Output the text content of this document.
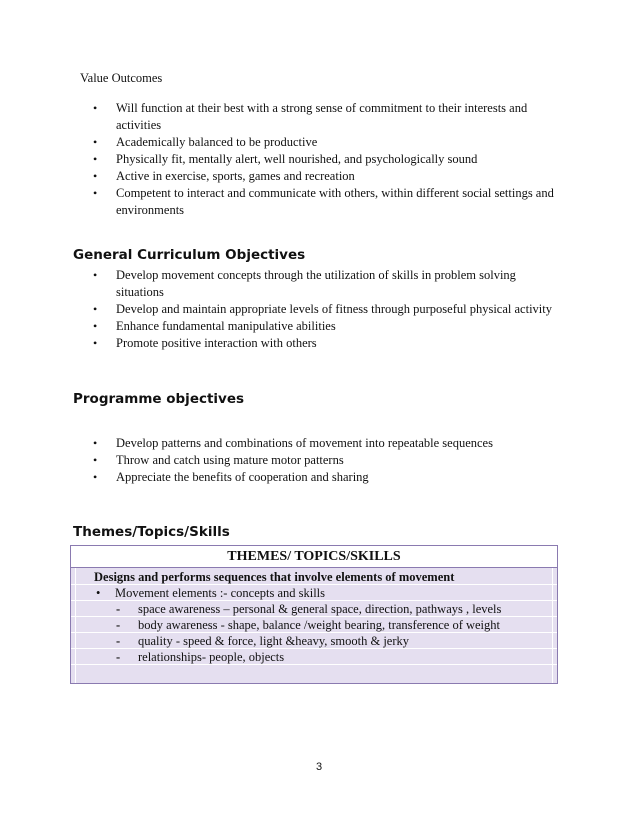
Value Outcomes
• Will function at their best with a strong sense of commitment to their interests and
activities
• Academically balanced to be productive
• Physically fit, mentally alert, well nourished, and psychologically sound
• Active in exercise, sports, games and recreation
• Competent to interact and communicate with others, within different social settings and
environments
General Curriculum Objectives
• Develop movement concepts through the utilization of skills in problem solving
situations
• Develop and maintain appropriate levels of fitness through purposeful physical activity
• Enhance fundamental manipulative abilities
• Promote positive interaction with others
Programme objectives
• Develop patterns and combinations of movement into repeatable sequences
• Throw and catch using mature motor patterns
• Appreciate the benefits of cooperation and sharing
Themes/Topics/Skills
THEMES/ TOPICS/SKILLS
Designs and performs sequences that involve elements of movement
• Movement elements :- concepts and skills
- space awareness – personal & general space, direction, pathways , levels
- body awareness - shape, balance /weight bearing, transference of weight
- quality - speed & force, light &heavy, smooth & jerky
- relationships- people, objects
3
